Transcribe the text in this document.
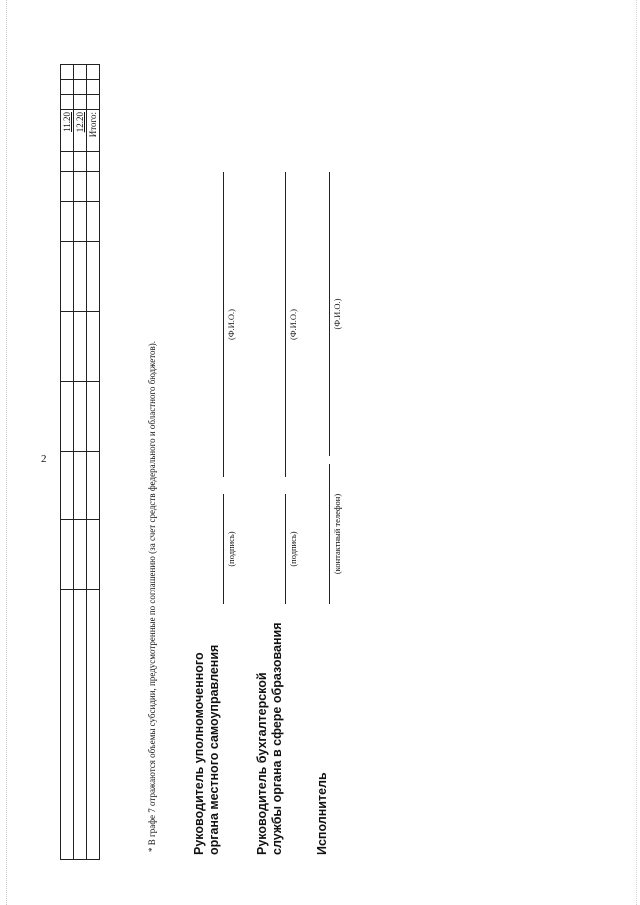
2
									11.20			
									12.20			
									Итого:			
* В графе 7 отражаются объемы субсидии, предусмотренные по соглашению (за счет средств федерального и областного бюджетов).	Руководитель уполномоченного органа местного самоуправления
(подпись)
(Ф.И.О.)
Руководитель бухгалтерской службы органа в сфере образования
(подпись)
(Ф.И.О.)
Исполнитель
(контактный телефон)
(Ф.И.О.)
